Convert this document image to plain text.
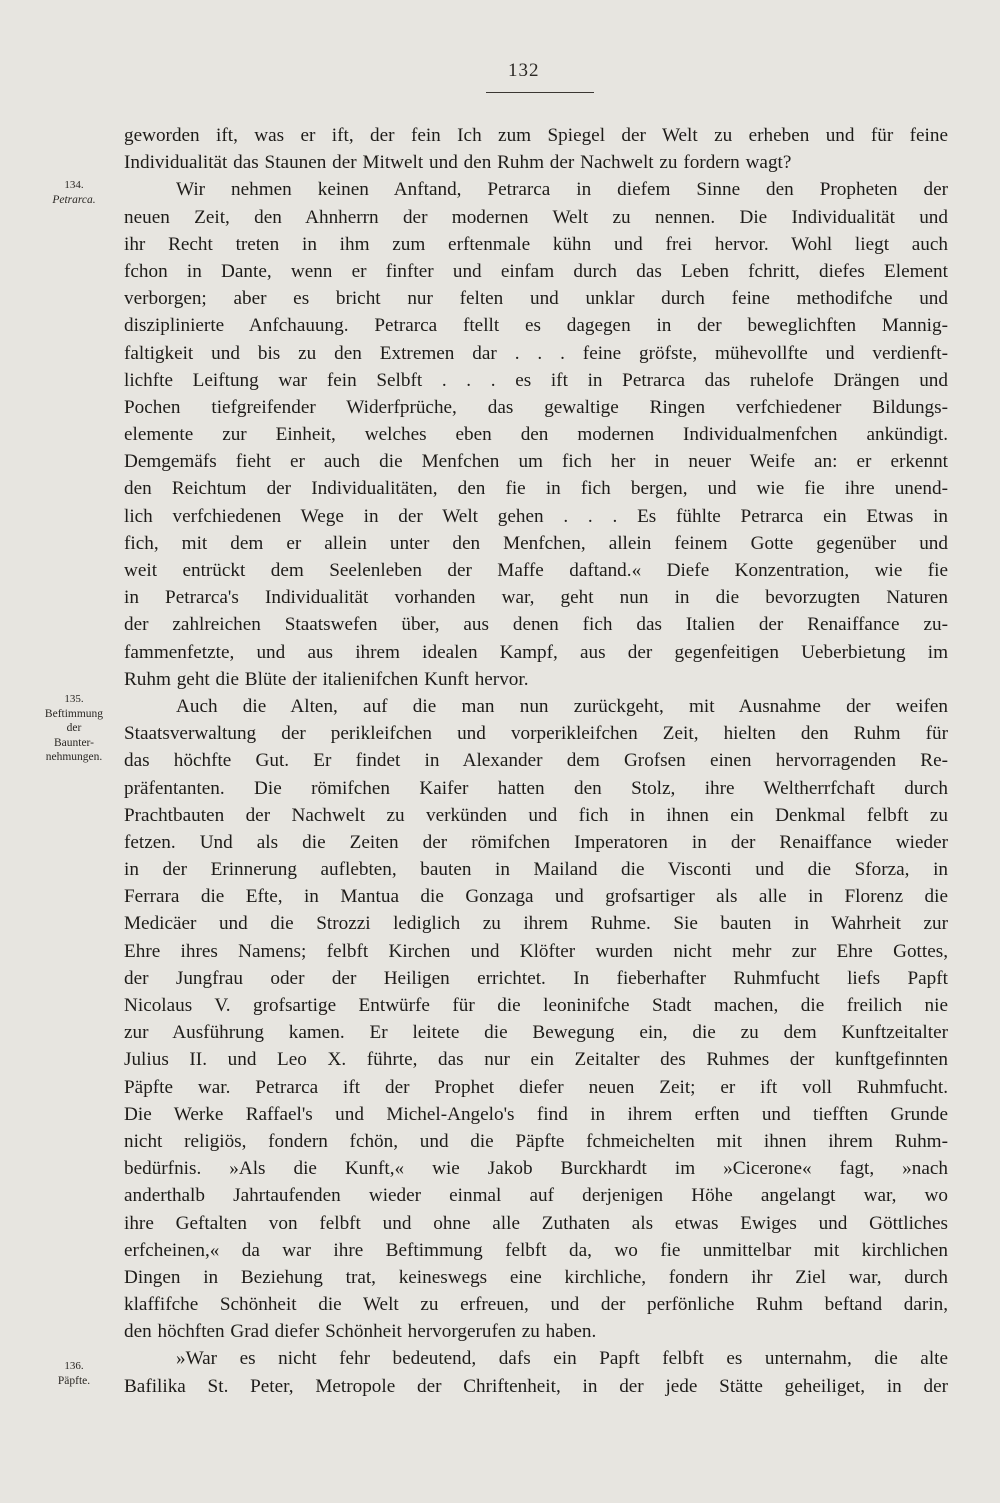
132
134.
Petrarca.
135.
Beftimmung
der
Baunter-
nehmungen.
136.
Päpfte.
geworden ift, was er ift, der fein Ich zum Spiegel der Welt zu erheben und für feine
Individualität das Staunen der Mitwelt und den Ruhm der Nachwelt zu fordern wagt?
Wir nehmen keinen Anftand, Petrarca in diefem Sinne den Propheten der
neuen Zeit, den Ahnherrn der modernen Welt zu nennen. Die Individualität und
ihr Recht treten in ihm zum erftenmale kühn und frei hervor. Wohl liegt auch
fchon in Dante, wenn er finfter und einfam durch das Leben fchritt, diefes Element
verborgen; aber es bricht nur felten und unklar durch feine methodifche und
disziplinierte Anfchauung. Petrarca ftellt es dagegen in der beweglichften Mannig-
faltigkeit und bis zu den Extremen dar . . . feine gröfste, mühevollfte und verdienft-
lichfte Leiftung war fein Selbft . . . es ift in Petrarca das ruhelofe Drängen und
Pochen tiefgreifender Widerfprüche, das gewaltige Ringen verfchiedener Bildungs-
elemente zur Einheit, welches eben den modernen Individualmenfchen ankündigt.
Demgemäfs fieht er auch die Menfchen um fich her in neuer Weife an: er erkennt
den Reichtum der Individualitäten, den fie in fich bergen, und wie fie ihre unend-
lich verfchiedenen Wege in der Welt gehen . . . Es fühlte Petrarca ein Etwas in
fich, mit dem er allein unter den Menfchen, allein feinem Gotte gegenüber und
weit entrückt dem Seelenleben der Maffe daftand.« Diefe Konzentration, wie fie
in Petrarca's Individualität vorhanden war, geht nun in die bevorzugten Naturen
der zahlreichen Staatswefen über, aus denen fich das Italien der Renaiffance zu-
fammenfetzte, und aus ihrem idealen Kampf, aus der gegenfeitigen Ueberbietung im
Ruhm geht die Blüte der italienifchen Kunft hervor.
Auch die Alten, auf die man nun zurückgeht, mit Ausnahme der weifen
Staatsverwaltung der perikleifchen und vorperikleifchen Zeit, hielten den Ruhm für
das höchfte Gut. Er findet in Alexander dem Grofsen einen hervorragenden Re-
präfentanten. Die römifchen Kaifer hatten den Stolz, ihre Weltherrfchaft durch
Prachtbauten der Nachwelt zu verkünden und fich in ihnen ein Denkmal felbft zu
fetzen. Und als die Zeiten der römifchen Imperatoren in der Renaiffance wieder
in der Erinnerung auflebten, bauten in Mailand die Visconti und die Sforza, in
Ferrara die Efte, in Mantua die Gonzaga und grofsartiger als alle in Florenz die
Medicäer und die Strozzi lediglich zu ihrem Ruhme. Sie bauten in Wahrheit zur
Ehre ihres Namens; felbft Kirchen und Klöfter wurden nicht mehr zur Ehre Gottes,
der Jungfrau oder der Heiligen errichtet. In fieberhafter Ruhmfucht liefs Papft
Nicolaus V. grofsartige Entwürfe für die leoninifche Stadt machen, die freilich nie
zur Ausführung kamen. Er leitete die Bewegung ein, die zu dem Kunftzeitalter
Julius II. und Leo X. führte, das nur ein Zeitalter des Ruhmes der kunftgefinnten
Päpfte war. Petrarca ift der Prophet diefer neuen Zeit; er ift voll Ruhmfucht.
Die Werke Raffael's und Michel-Angelo's find in ihrem erften und tiefften Grunde
nicht religiös, fondern fchön, und die Päpfte fchmeichelten mit ihnen ihrem Ruhm-
bedürfnis. »Als die Kunft,« wie Jakob Burckhardt im »Cicerone« fagt, »nach
anderthalb Jahrtaufenden wieder einmal auf derjenigen Höhe angelangt war, wo
ihre Geftalten von felbft und ohne alle Zuthaten als etwas Ewiges und Göttliches
erfcheinen,« da war ihre Beftimmung felbft da, wo fie unmittelbar mit kirchlichen
Dingen in Beziehung trat, keineswegs eine kirchliche, fondern ihr Ziel war, durch
klaffifche Schönheit die Welt zu erfreuen, und der perfönliche Ruhm beftand darin,
den höchften Grad diefer Schönheit hervorgerufen zu haben.
»War es nicht fehr bedeutend, dafs ein Papft felbft es unternahm, die alte
Bafilika St. Peter, Metropole der Chriftenheit, in der jede Stätte geheiliget, in der
